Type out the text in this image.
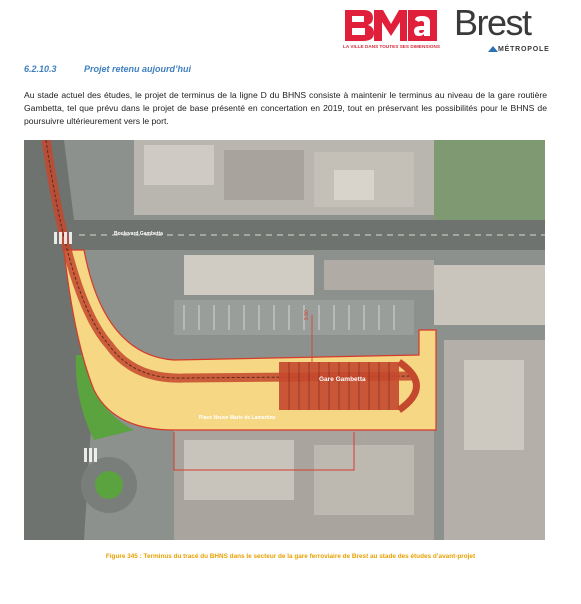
LA VILLE DANS TOUTES SES DIMENSIONS
Brest
MÉTROPOLE
6.2.10.3	Projet retenu aujourd’hui
Au stade actuel des études, le projet de terminus de la ligne D du BHNS consiste à maintenir le terminus au niveau de la gare routière Gambetta, tel que prévu dans le projet de base présenté en concertation en 2019, tout en préservant les possibilités pour le BHNS de poursuivre ultérieurement vers le port.
Boulevard Gambetta
Gare Gambetta
Place Neuve Marie de Lamartine
9.90
Figure 345 : Terminus du tracé du BHNS dans le secteur de la gare ferroviaire de Brest au stade des études d’avant-projet
